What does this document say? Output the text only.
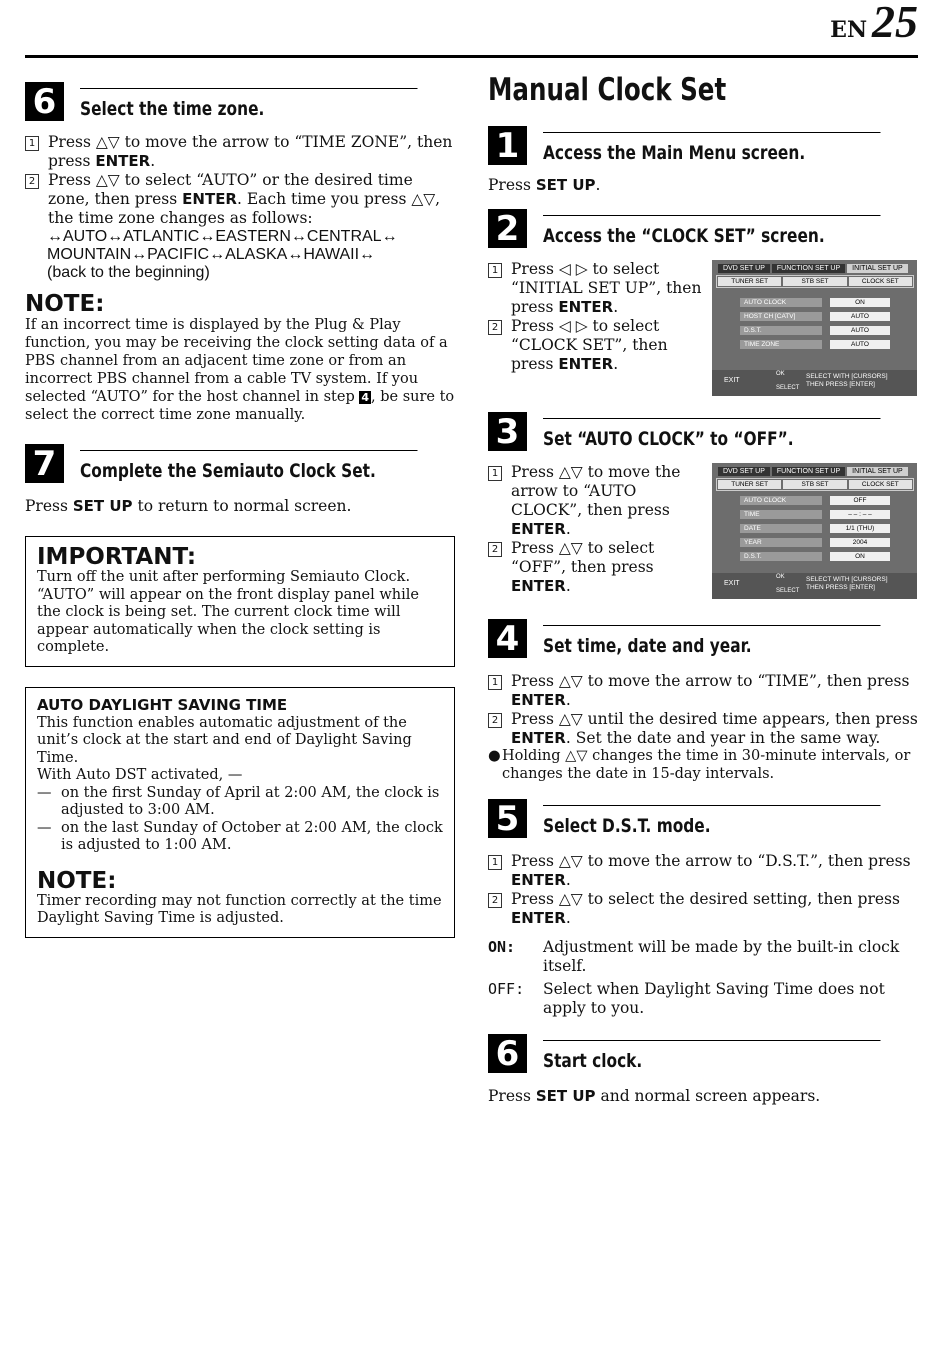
EN 25
6	Select the time zone.
1 Press △▽ to move the arrow to “TIME ZONE”, then press ENTER.
2 Press △▽ to select “AUTO” or the desired time zone, then press ENTER. Each time you press △▽, the time zone changes as follows:
↔AUTO↔ATLANTIC↔EASTERN↔CENTRAL↔
MOUNTAIN↔PACIFIC↔ALASKA↔HAWAII↔
(back to the beginning)
NOTE:
If an incorrect time is displayed by the Plug & Play function, you may be receiving the clock setting data of a PBS channel from an adjacent time zone or from an incorrect PBS channel from a cable TV system. If you selected “AUTO” for the host channel in step 4 , be sure to select the correct time zone manually.
7	Complete the Semiauto Clock Set.
Press SET UP to return to normal screen.
IMPORTANT:
Turn off the unit after performing Semiauto Clock. “AUTO” will appear on the front display panel while the clock is being set. The current clock time will appear automatically when the clock setting is complete.
AUTO DAYLIGHT SAVING TIME
This function enables automatic adjustment of the unit’s clock at the start and end of Daylight Saving Time.
With Auto DST activated, —
— on the first Sunday of April at 2:00 AM, the clock is adjusted to 3:00 AM.
— on the last Sunday of October at 2:00 AM, the clock is adjusted to 1:00 AM.
NOTE:
Timer recording may not function correctly at the time Daylight Saving Time is adjusted.
Manual Clock Set
1	Access the Main Menu screen.
Press SET UP.
2	Access the “CLOCK SET” screen.
1 Press ◁ ▷ to select “INITIAL SET UP”, then press ENTER.
2 Press ◁ ▷ to select “CLOCK SET”, then press ENTER.
DVD SET UP	FUNCTION SET UP	INITIAL SET UP
TUNER SET	STB SET	CLOCK SET
AUTO CLOCK	ON
HOST CH [CATV]	AUTO
D.S.T.	AUTO
TIME ZONE	AUTO
EXIT
OK
SELECT
SELECT WITH [CURSORS]
THEN PRESS [ENTER]
3	Set “AUTO CLOCK” to “OFF”.
1 Press △▽ to move the arrow to “AUTO CLOCK”, then press ENTER.
2 Press △▽ to select “OFF”, then press ENTER.
DVD SET UP	FUNCTION SET UP	INITIAL SET UP
TUNER SET	STB SET	CLOCK SET
AUTO CLOCK	OFF
TIME	– – : – –
DATE	1/1 (THU)
YEAR	2004
D.S.T.	ON
EXIT
OK
SELECT
SELECT WITH [CURSORS]
THEN PRESS [ENTER]
4	Set time, date and year.
1 Press △▽ to move the arrow to “TIME”, then press ENTER.
2 Press △▽ until the desired time appears, then press ENTER. Set the date and year in the same way.
● Holding △▽ changes the time in 30-minute intervals, or changes the date in 15-day intervals.
5	Select D.S.T. mode.
1 Press △▽ to move the arrow to “D.S.T.”, then press ENTER.
2 Press △▽ to select the desired setting, then press ENTER.
ON:	Adjustment will be made by the built-in clock itself.
OFF:	Select when Daylight Saving Time does not apply to you.
6	Start clock.
Press SET UP and normal screen appears.
